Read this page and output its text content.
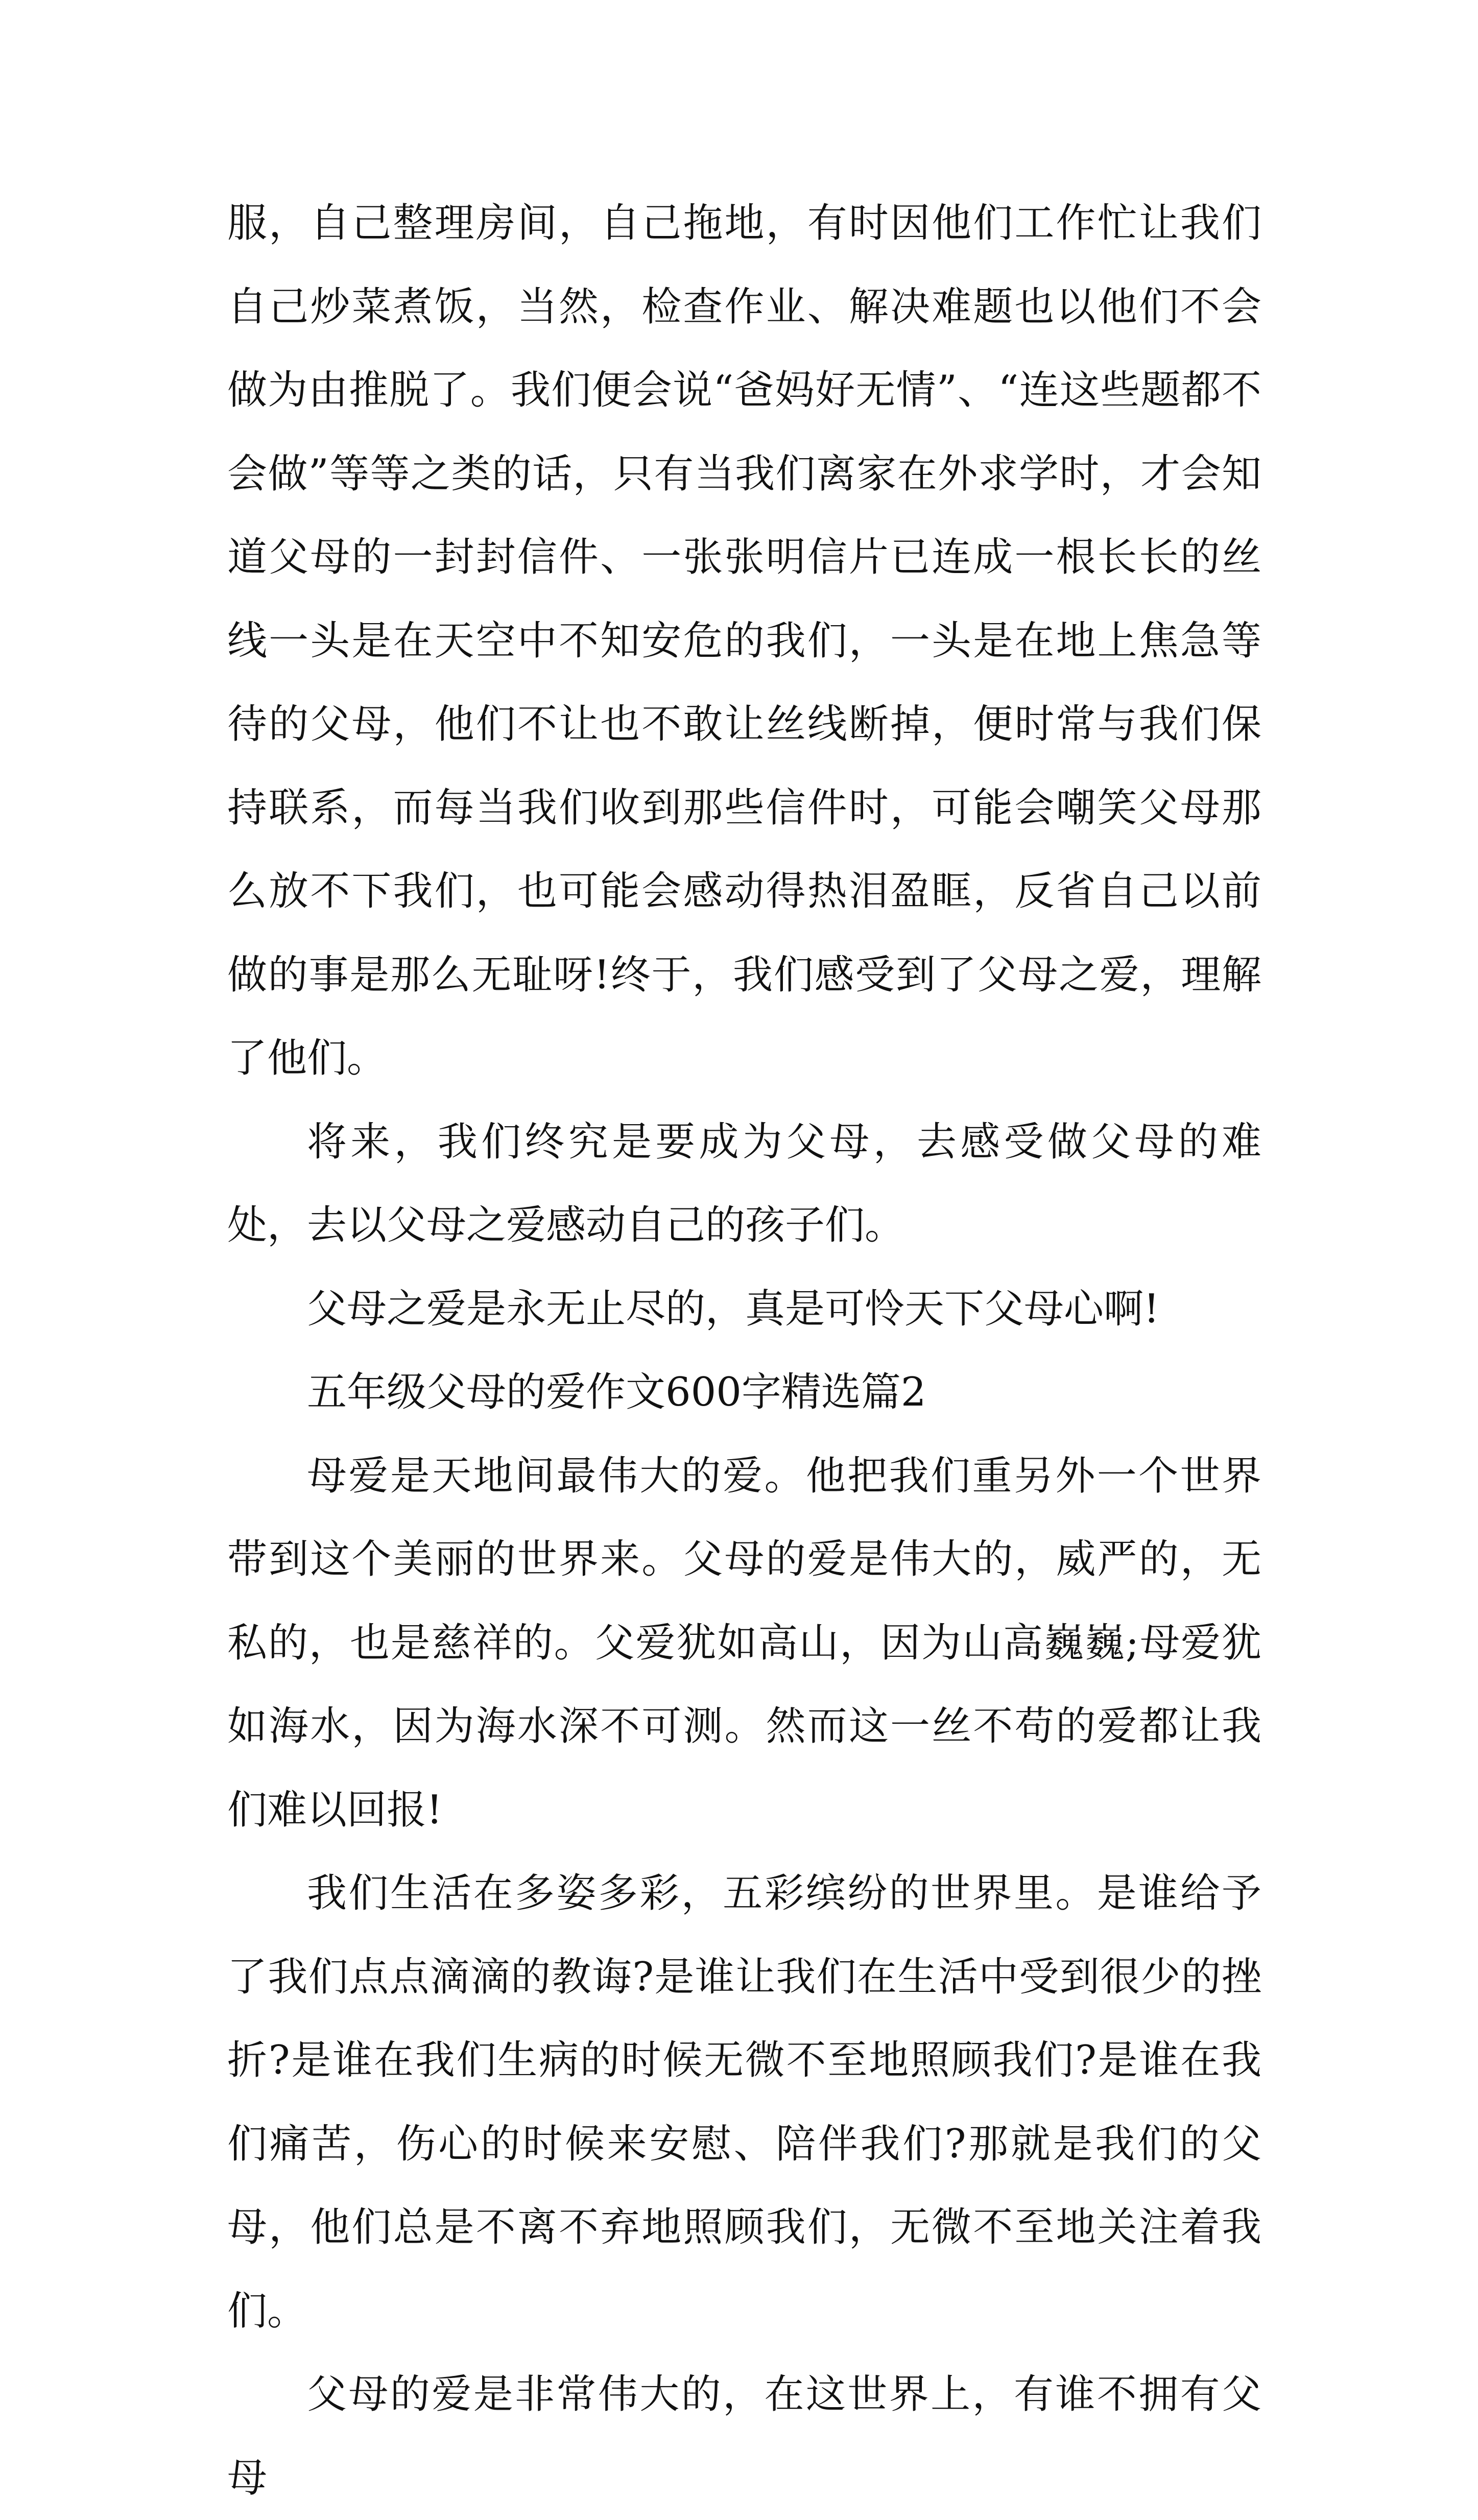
服，自己整理房间，自己拖地，有时因他们工作忙让我们自己炒菜煮饭，当然，检查作业、解决难题也以他们不会做为由推脱了。我们便会说“爸妈好无情”、“连这些题都不会做”等等之类的话，只有当我们离家在外求学时，才会知道父母的一封封信件、一张张明信片已连成一根长长的丝线一头是在天空中不知安危的我们，一头是在地上焦急等待的父母，他们不让也不敢让丝线断掉，便时常与我们保持联系，而每当我们收到那些信件时，可能会嘲笑父母那么放不下我们，也可能会感动得热泪盈眶，反省自己以前做的事是那么无耻呀!终于，我们感受到了父母之爱，理解了他们。

将来，我们终究是要成为父母，去感受做父母的难处，去以父母之爱感动自己的孩子们。

父母之爱是永无止尽的，真是可怜天下父母心啊!

五年级父母的爱作文600字精选篇2

母爱是天地间最伟大的爱。他把我们重另外一个世界带到这个美丽的世界来。父母的爱是伟大的，威严的，无私的，也是慈祥的。父爱犹如高山，因为山高巍巍;母爱犹如海水，因为海水深不可测。然而这一丝不苟的爱都让我们难以回报!

我们生活在多姿多彩，五彩缤纷的世界里。是谁给予了我们点点滴滴的教诲?是谁让我们在生活中受到很少的挫折?是谁在我们生病的时候无微不至地照顾我们?是谁在我们痛苦，伤心的时候来安慰、陪伴我们?那就是我们的父母，他们总是不离不弃地照顾我们，无微不至地关注着我们。

父母的爱是非常伟大的，在这世界上，有谁不拥有父母
